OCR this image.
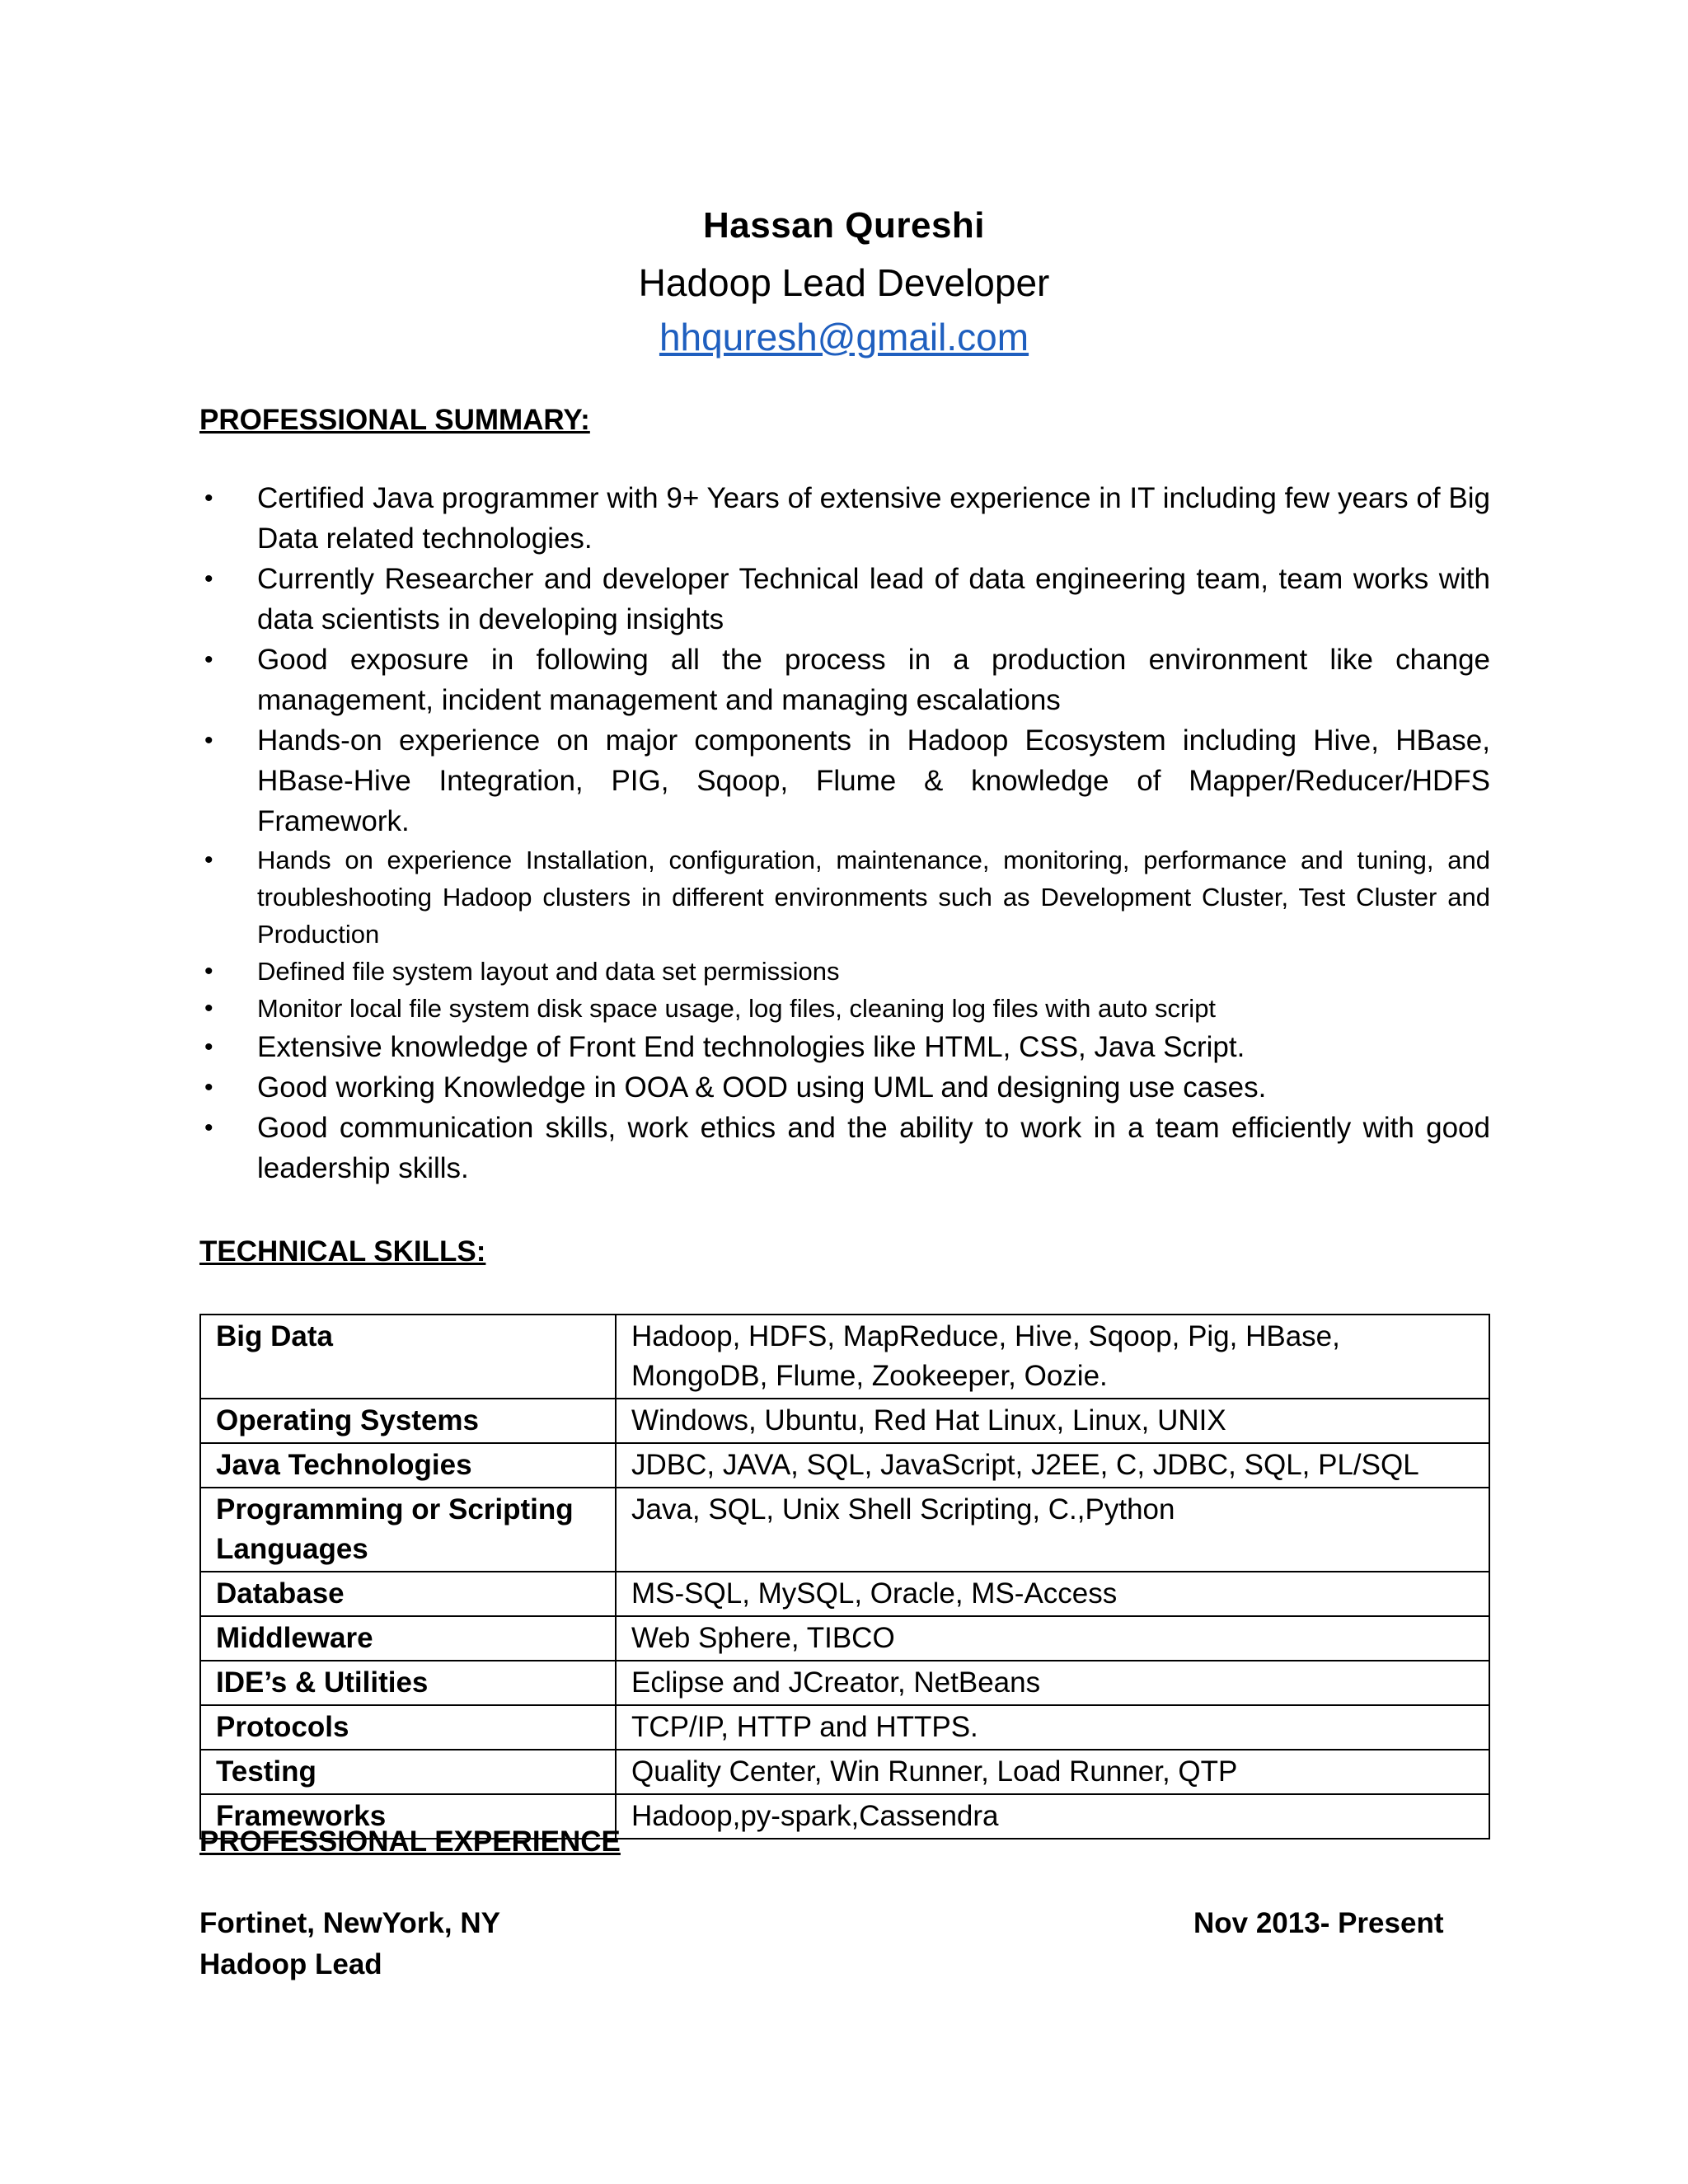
Hassan Qureshi
Hadoop Lead Developer
hhquresh@gmail.com
PROFESSIONAL SUMMARY:
•	Certified Java programmer with 9+ Years of extensive experience in IT including few years of Big Data related technologies.
•	Currently Researcher and developer Technical lead of data engineering team, team works with data scientists in developing insights
•	Good exposure in following all the process in a production environment like change management, incident management and managing escalations
•	Hands-on experience on major components in Hadoop Ecosystem including Hive, HBase, HBase-Hive Integration, PIG, Sqoop, Flume & knowledge of Mapper/Reducer/HDFS Framework.
•	Hands on experience Installation, configuration, maintenance, monitoring, performance and tuning, and troubleshooting Hadoop clusters in different environments such as Development Cluster, Test Cluster and Production
•	Defined file system layout and data set permissions
•	Monitor local file system disk space usage, log files, cleaning log files with auto script
•	Extensive knowledge of Front End technologies like HTML, CSS, Java Script.
•	Good working Knowledge in OOA & OOD using UML and designing use cases.
•	Good communication skills, work ethics and the ability to work in a team efficiently with good leadership skills.
TECHNICAL SKILLS:
Big Data	Hadoop, HDFS, MapReduce, Hive, Sqoop, Pig, HBase, MongoDB, Flume, Zookeeper, Oozie.
Operating Systems	Windows, Ubuntu, Red Hat Linux, Linux, UNIX
Java Technologies	JDBC, JAVA, SQL, JavaScript, J2EE, C, JDBC, SQL, PL/SQL
Programming or Scripting Languages	Java, SQL, Unix Shell Scripting, C.,Python
Database	MS-SQL, MySQL, Oracle, MS-Access
Middleware	Web Sphere, TIBCO
IDE’s & Utilities	Eclipse and JCreator, NetBeans
Protocols	TCP/IP, HTTP and HTTPS.
Testing	Quality Center, Win Runner, Load Runner, QTP
Frameworks	Hadoop,py-spark,Cassendra
PROFESSIONAL EXPERIENCE
Fortinet, NewYork, NY	Nov 2013- Present
Hadoop Lead
